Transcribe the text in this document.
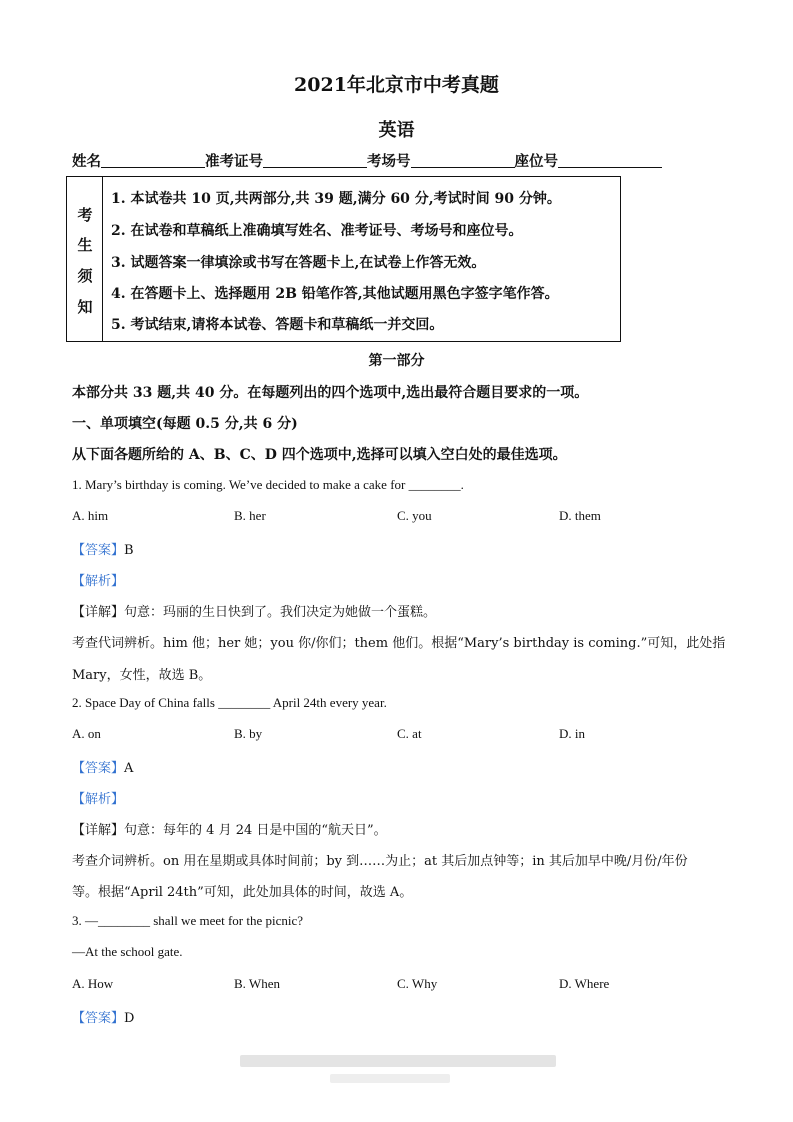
2021年北京市中考真题
英语
姓名	准考证号	考场号	座位号
考
生
须
知
1. 本试卷共 10 页,共两部分,共 39 题,满分 60 分,考试时间 90 分钟。
2. 在试卷和草稿纸上准确填写姓名、准考证号、考场号和座位号。
3. 试题答案一律填涂或书写在答题卡上,在试卷上作答无效。
4. 在答题卡上、选择题用 2B 铅笔作答,其他试题用黑色字签字笔作答。
5. 考试结束,请将本试卷、答题卡和草稿纸一并交回。
第一部分
本部分共 33 题,共 40 分。在每题列出的四个选项中,选出最符合题目要求的一项。
一、单项填空(每题 0.5 分,共 6 分)
从下面各题所给的 A、B、C、D 四个选项中,选择可以填入空白处的最佳选项。
1. Mary’s birthday is coming. We’ve decided to make a cake for ________.
A. him	B. her	C. you	D. them
【答案】B
【解析】
【详解】句意：玛丽的生日快到了。我们决定为她做一个蛋糕。
考查代词辨析。him 他；her 她；you 你/你们；them 他们。根据“Mary’s birthday is coming.”可知，此处指
Mary，女性，故选 B。
2. Space Day of China falls ________ April 24th every year.
A. on	B. by	C. at	D. in
【答案】A
【解析】
【详解】句意：每年的 4 月 24 日是中国的“航天日”。
考查介词辨析。on 用在星期或具体时间前；by 到……为止；at 其后加点钟等；in 其后加早中晚/月份/年份
等。根据“April 24th”可知，此处加具体的时间，故选 A。
3. —________ shall we meet for the picnic?
—At the school gate.
A. How	B. When	C. Why	D. Where
【答案】D
